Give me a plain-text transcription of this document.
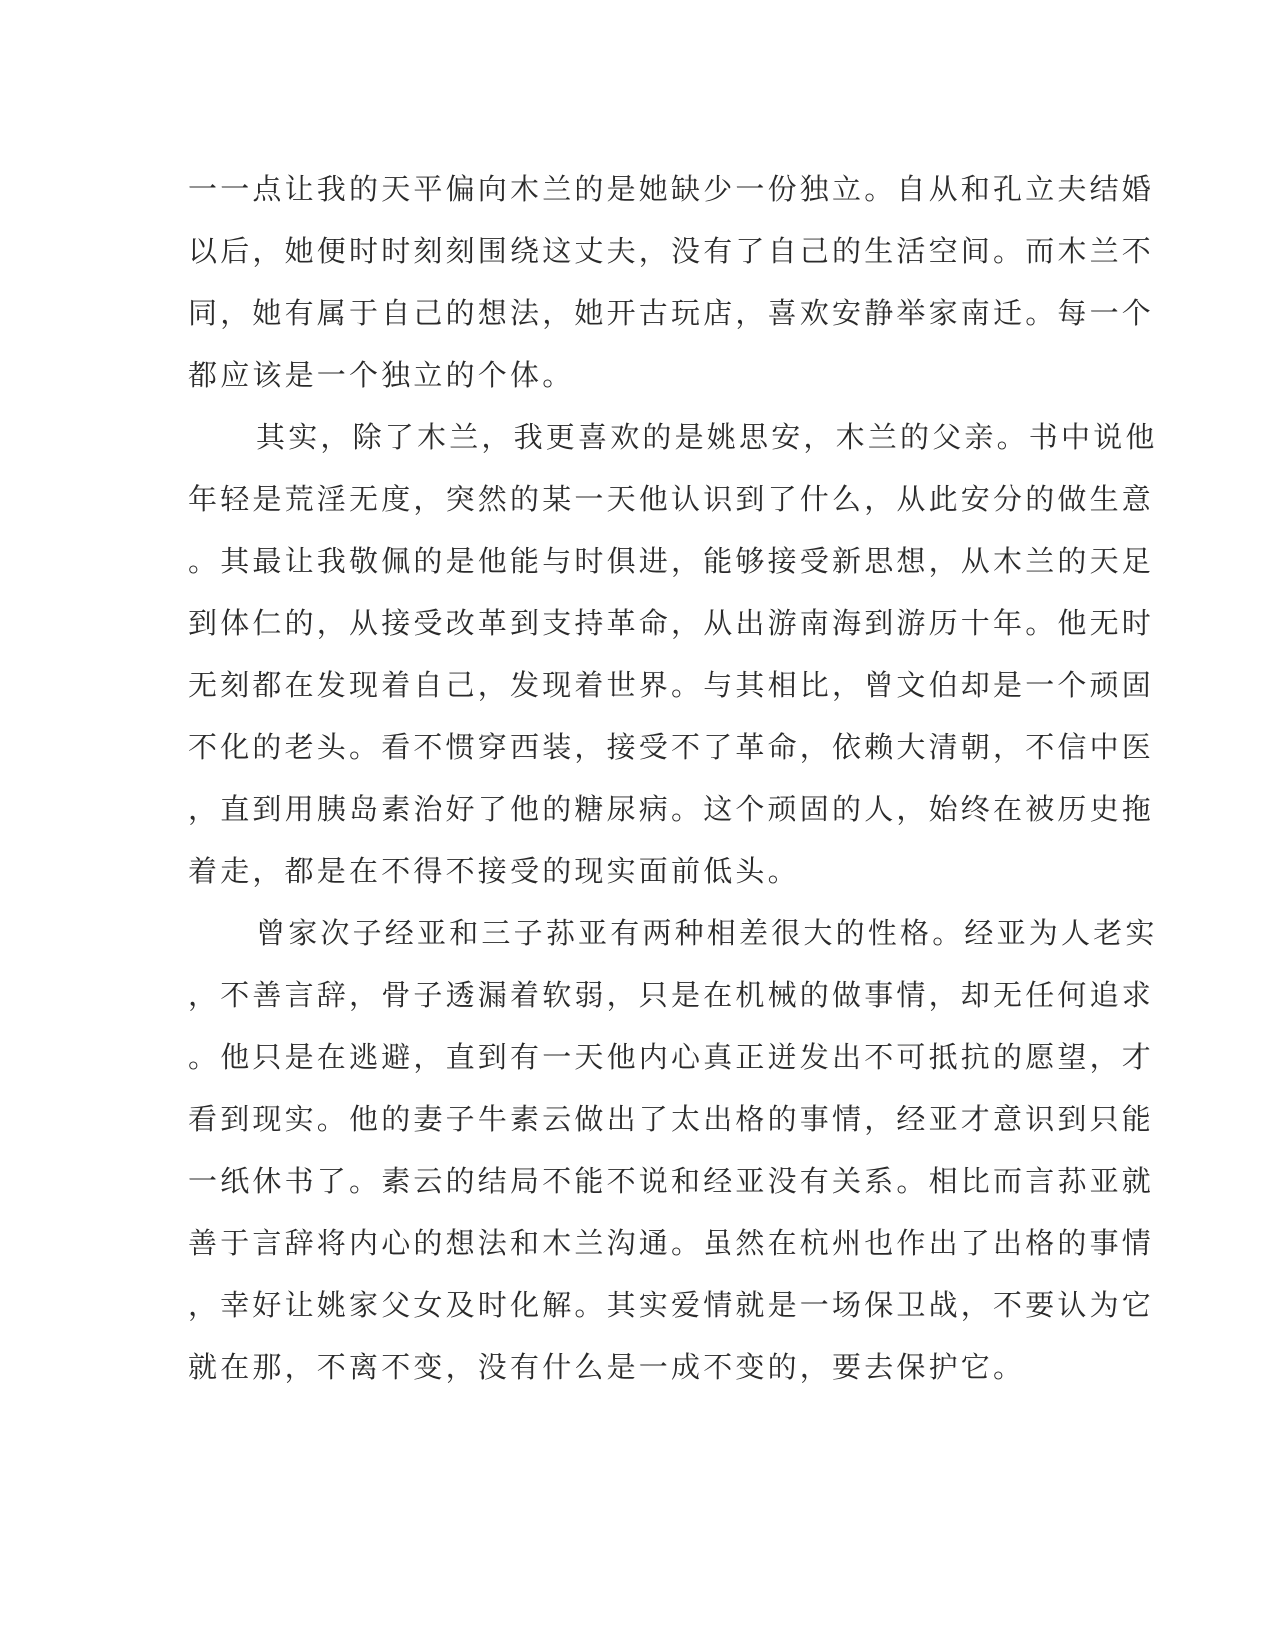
一一点让我的天平偏向木兰的是她缺少一份独立。自从和孔立夫结婚
以后，她便时时刻刻围绕这丈夫，没有了自己的生活空间。而木兰不
同，她有属于自己的想法，她开古玩店，喜欢安静举家南迁。每一个
都应该是一个独立的个体。
其实，除了木兰，我更喜欢的是姚思安，木兰的父亲。书中说他
年轻是荒淫无度，突然的某一天他认识到了什么，从此安分的做生意
。其最让我敬佩的是他能与时俱进，能够接受新思想，从木兰的天足
到体仁的，从接受改革到支持革命，从出游南海到游历十年。他无时
无刻都在发现着自己，发现着世界。与其相比，曾文伯却是一个顽固
不化的老头。看不惯穿西装，接受不了革命，依赖大清朝，不信中医
，直到用胰岛素治好了他的糖尿病。这个顽固的人，始终在被历史拖
着走，都是在不得不接受的现实面前低头。
曾家次子经亚和三子荪亚有两种相差很大的性格。经亚为人老实
，不善言辞，骨子透漏着软弱，只是在机械的做事情，却无任何追求
。他只是在逃避，直到有一天他内心真正迸发出不可抵抗的愿望，才
看到现实。他的妻子牛素云做出了太出格的事情，经亚才意识到只能
一纸休书了。素云的结局不能不说和经亚没有关系。相比而言荪亚就
善于言辞将内心的想法和木兰沟通。虽然在杭州也作出了出格的事情
，幸好让姚家父女及时化解。其实爱情就是一场保卫战，不要认为它
就在那，不离不变，没有什么是一成不变的，要去保护它。
